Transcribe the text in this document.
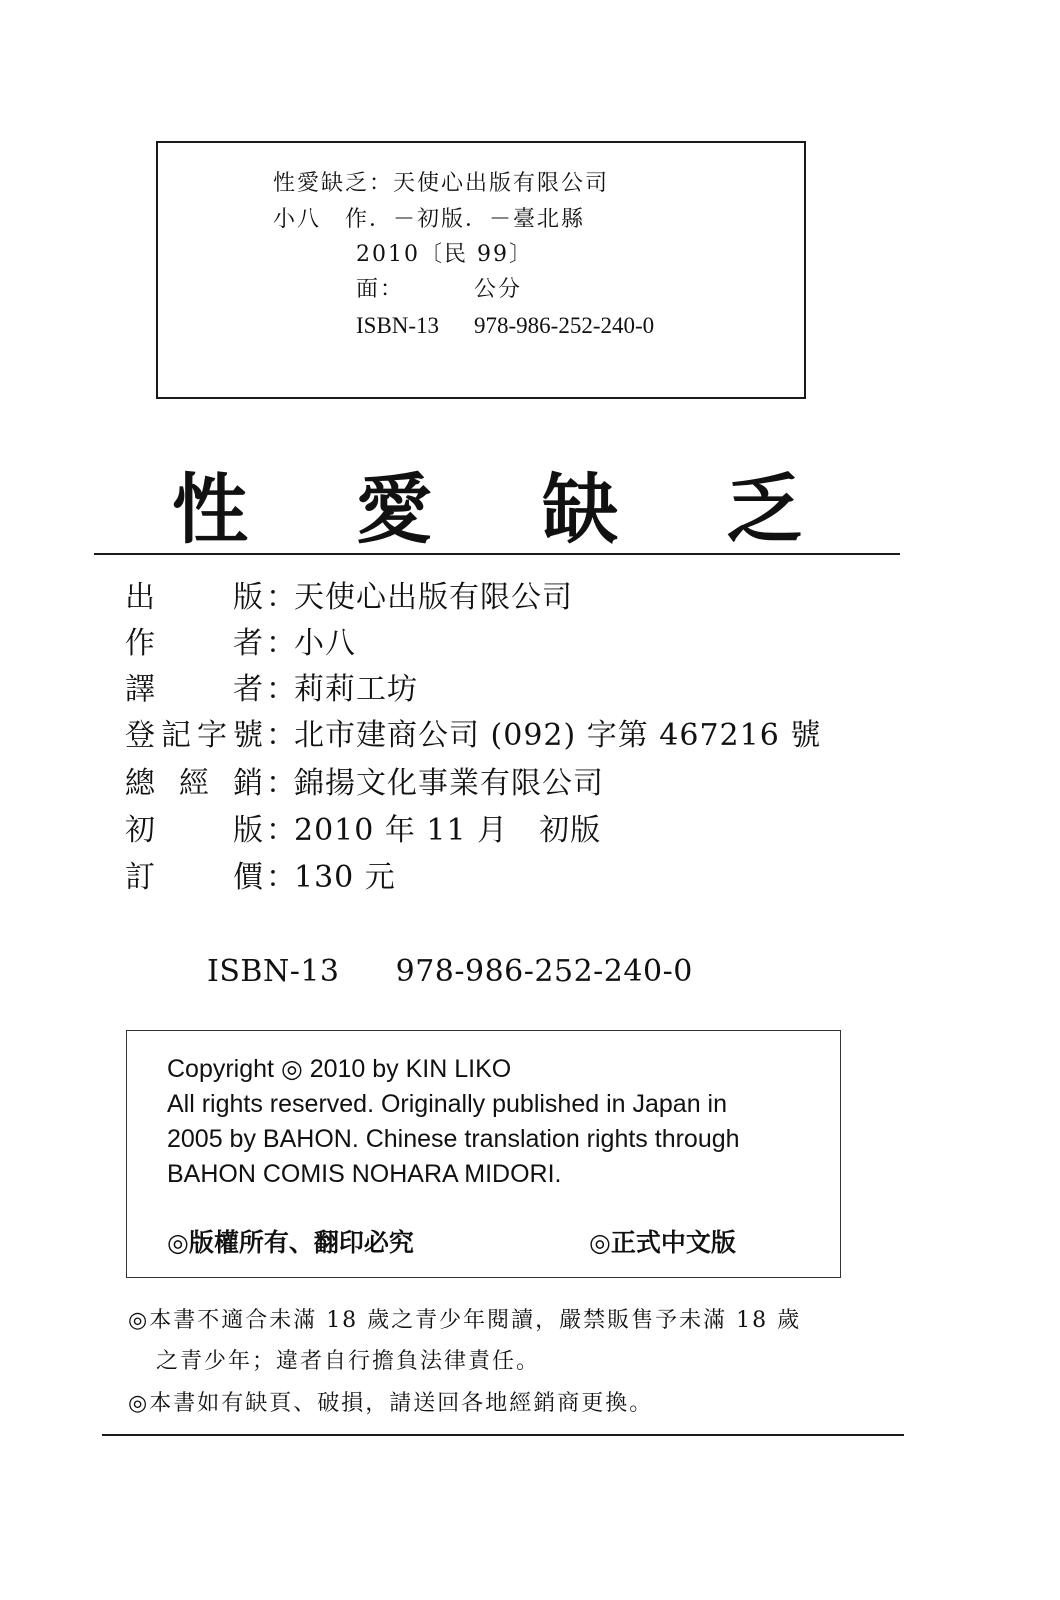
性愛缺乏：天使心出版有限公司
小八　作．－初版．－臺北縣
2010〔民 99〕
面：	公分
ISBN-13 978-986-252-240-0
性 愛 缺 乏
出	版 ：
天使心出版有限公司
作	者 ：
小八
譯	者 ：
莉莉工坊
登 記 字 號 ：
北市建商公司 (092) 字第 467216 號
總 經 銷 ：
錦揚文化事業有限公司
初	版 ：
2010 年 11 月　初版
訂	價 ：
130 元
ISBN-13 978-986-252-240-0
Copyright ◎ 2010 by KIN LIKO
All rights reserved. Originally published in Japan in
2005 by BAHON. Chinese translation rights through
BAHON COMIS NOHARA MIDORI.
◎版權所有、翻印必究	◎正式中文版
◎本書不適合未滿 18 歲之青少年閱讀，嚴禁販售予未滿 18 歲
之青少年；違者自行擔負法律責任。
◎本書如有缺頁、破損，請送回各地經銷商更換。
